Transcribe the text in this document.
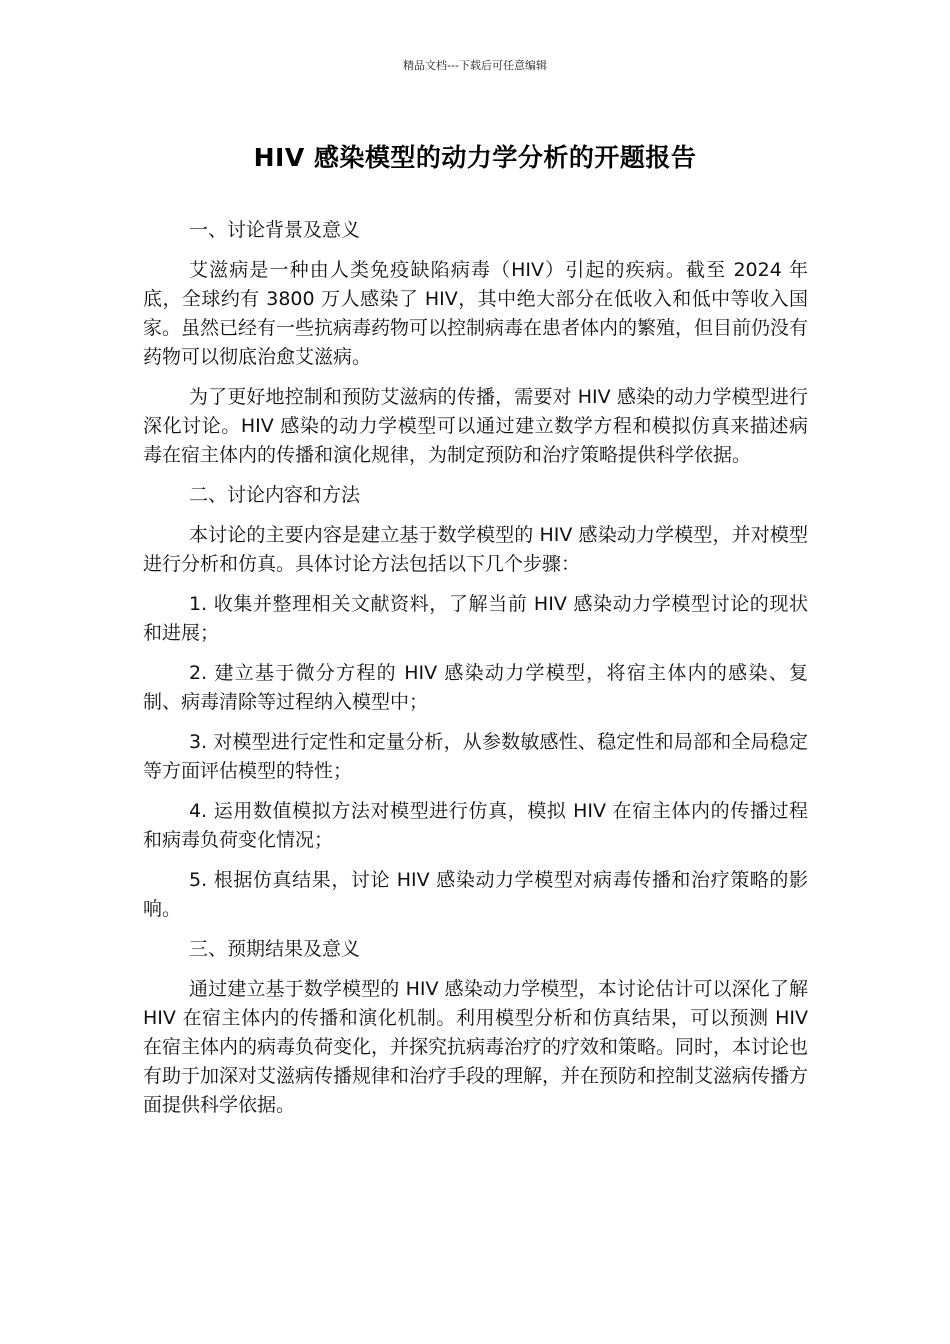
精品文档---下载后可任意编辑
HIV 感染模型的动力学分析的开题报告

一、讨论背景及意义

艾滋病是一种由人类免疫缺陷病毒（HIV）引起的疾病。截至 2024 年底，全球约有 3800 万人感染了 HIV，其中绝大部分在低收入和低中等收入国家。虽然已经有一些抗病毒药物可以控制病毒在患者体内的繁殖，但目前仍没有药物可以彻底治愈艾滋病。

为了更好地控制和预防艾滋病的传播，需要对 HIV 感染的动力学模型进行深化讨论。HIV 感染的动力学模型可以通过建立数学方程和模拟仿真来描述病毒在宿主体内的传播和演化规律，为制定预防和治疗策略提供科学依据。

二、讨论内容和方法

本讨论的主要内容是建立基于数学模型的 HIV 感染动力学模型，并对模型进行分析和仿真。具体讨论方法包括以下几个步骤：

1. 收集并整理相关文献资料，了解当前 HIV 感染动力学模型讨论的现状和进展；

2. 建立基于微分方程的 HIV 感染动力学模型，将宿主体内的感染、复制、病毒清除等过程纳入模型中；

3. 对模型进行定性和定量分析，从参数敏感性、稳定性和局部和全局稳定等方面评估模型的特性；

4. 运用数值模拟方法对模型进行仿真，模拟 HIV 在宿主体内的传播过程和病毒负荷变化情况；

5. 根据仿真结果，讨论 HIV 感染动力学模型对病毒传播和治疗策略的影响。

三、预期结果及意义

通过建立基于数学模型的 HIV 感染动力学模型，本讨论估计可以深化了解 HIV 在宿主体内的传播和演化机制。利用模型分析和仿真结果，可以预测 HIV 在宿主体内的病毒负荷变化，并探究抗病毒治疗的疗效和策略。同时，本讨论也有助于加深对艾滋病传播规律和治疗手段的理解，并在预防和控制艾滋病传播方面提供科学依据。
